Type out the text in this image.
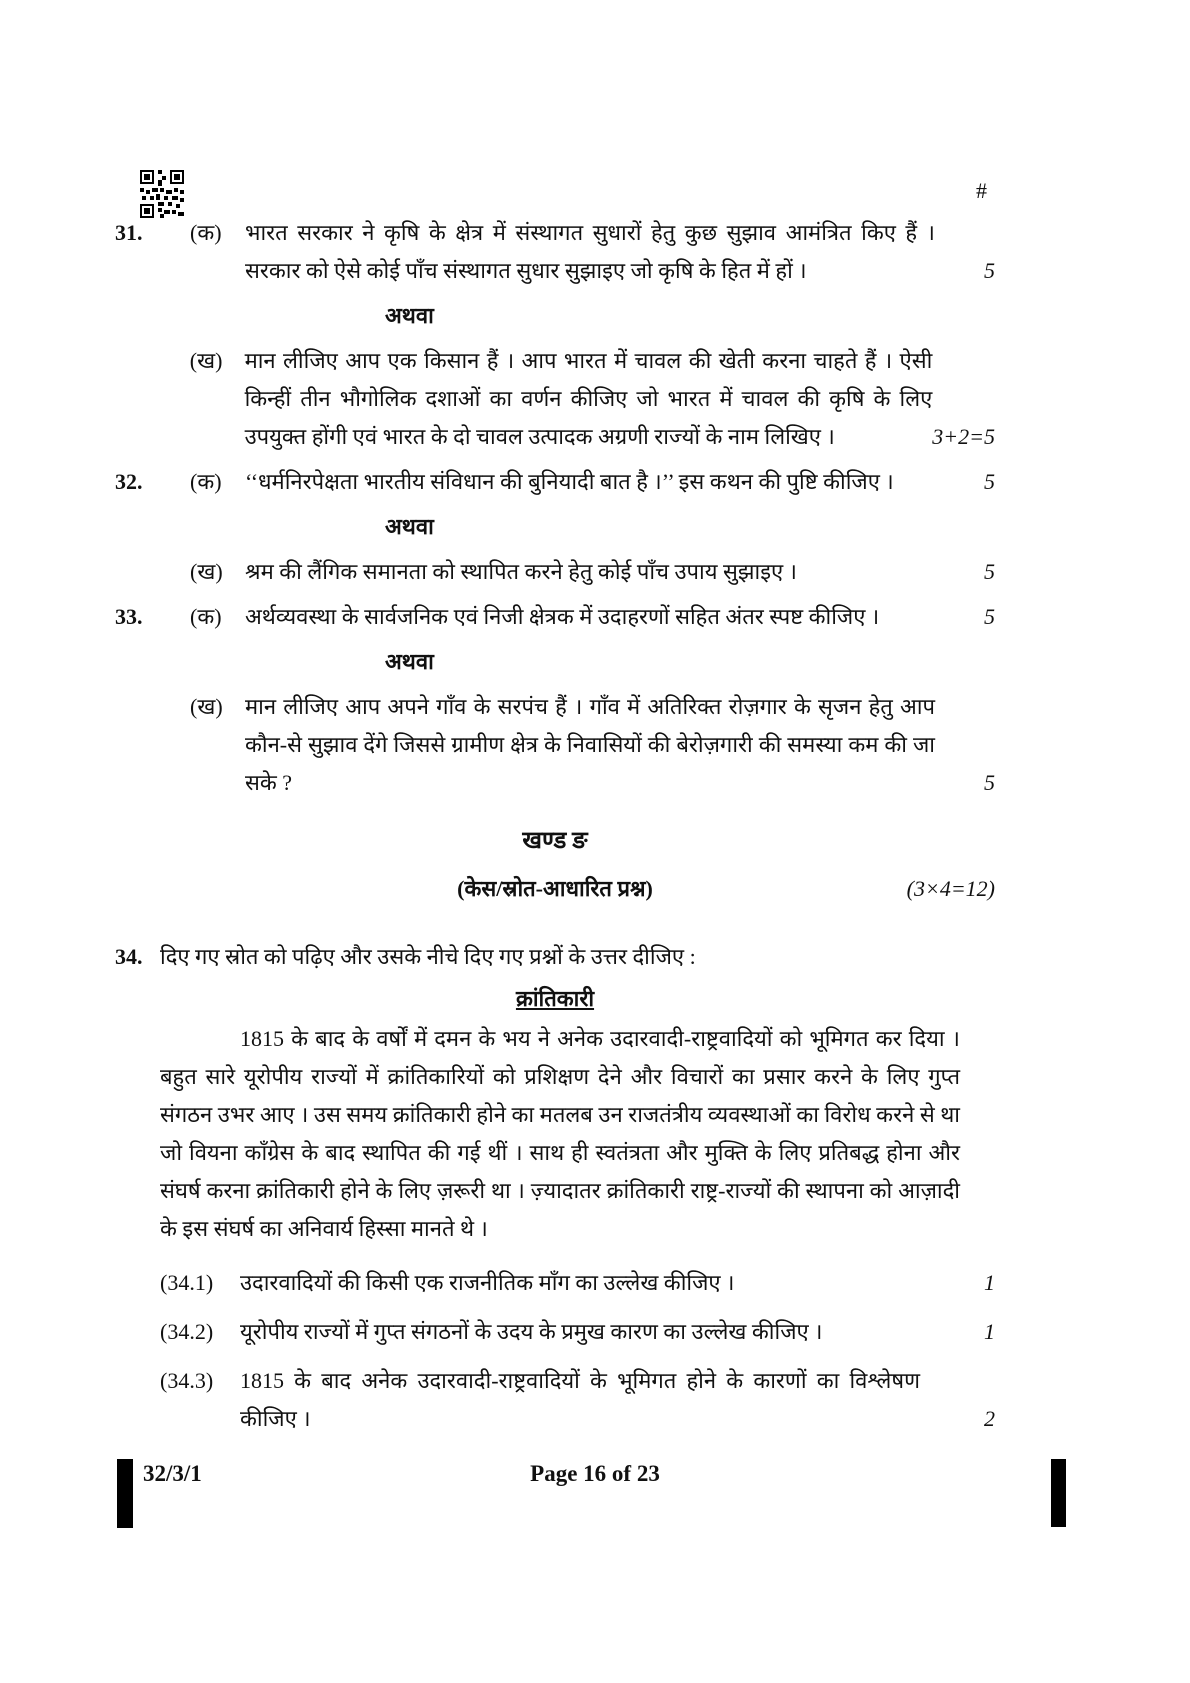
#
31.	(क)	भारत सरकार ने कृषि के क्षेत्र में संस्थागत सुधारों हेतु कुछ सुझाव आमंत्रित किए हैं । सरकार को ऐसे कोई पाँच संस्थागत सुधार सुझाइए जो कृषि के हित में हों ।	5
अथवा
(ख)	मान लीजिए आप एक किसान हैं । आप भारत में चावल की खेती करना चाहते हैं । ऐसी किन्हीं तीन भौगोलिक दशाओं का वर्णन कीजिए जो भारत में चावल की कृषि के लिए उपयुक्त होंगी एवं भारत के दो चावल उत्पादक अग्रणी राज्यों के नाम लिखिए ।	3+2=5
32.	(क)	‘‘धर्मनिरपेक्षता भारतीय संविधान की बुनियादी बात है ।’’ इस कथन की पुष्टि कीजिए ।	5
अथवा
(ख)	श्रम की लैंगिक समानता को स्थापित करने हेतु कोई पाँच उपाय सुझाइए ।	5
33.	(क)	अर्थव्यवस्था के सार्वजनिक एवं निजी क्षेत्रक में उदाहरणों सहित अंतर स्पष्ट कीजिए ।	5
अथवा
(ख)	मान लीजिए आप अपने गाँव के सरपंच हैं । गाँव में अतिरिक्त रोज़गार के सृजन हेतु आप कौन-से सुझाव देंगे जिससे ग्रामीण क्षेत्र के निवासियों की बेरोज़गारी की समस्या कम की जा सके ?	5
खण्ड ङ
(केस/स्रोत-आधारित प्रश्न)	(3×4=12)
34. दिए गए स्रोत को पढ़िए और उसके नीचे दिए गए प्रश्नों के उत्तर दीजिए :
क्रांतिकारी
1815 के बाद के वर्षों में दमन के भय ने अनेक उदारवादी-राष्ट्रवादियों को भूमिगत कर दिया । बहुत सारे यूरोपीय राज्यों में क्रांतिकारियों को प्रशिक्षण देने और विचारों का प्रसार करने के लिए गुप्त संगठन उभर आए । उस समय क्रांतिकारी होने का मतलब उन राजतंत्रीय व्यवस्थाओं का विरोध करने से था जो वियना काँग्रेस के बाद स्थापित की गई थीं । साथ ही स्वतंत्रता और मुक्ति के लिए प्रतिबद्ध होना और संघर्ष करना क्रांतिकारी होने के लिए ज़रूरी था । ज़्यादातर क्रांतिकारी राष्ट्र-राज्यों की स्थापना को आज़ादी के इस संघर्ष का अनिवार्य हिस्सा मानते थे ।
(34.1)	उदारवादियों की किसी एक राजनीतिक माँग का उल्लेख कीजिए ।	1
(34.2)	यूरोपीय राज्यों में गुप्त संगठनों के उदय के प्रमुख कारण का उल्लेख कीजिए ।	1
(34.3)	1815 के बाद अनेक उदारवादी-राष्ट्रवादियों के भूमिगत होने के कारणों का विश्लेषण कीजिए ।	2
32/3/1	Page 16 of 23
